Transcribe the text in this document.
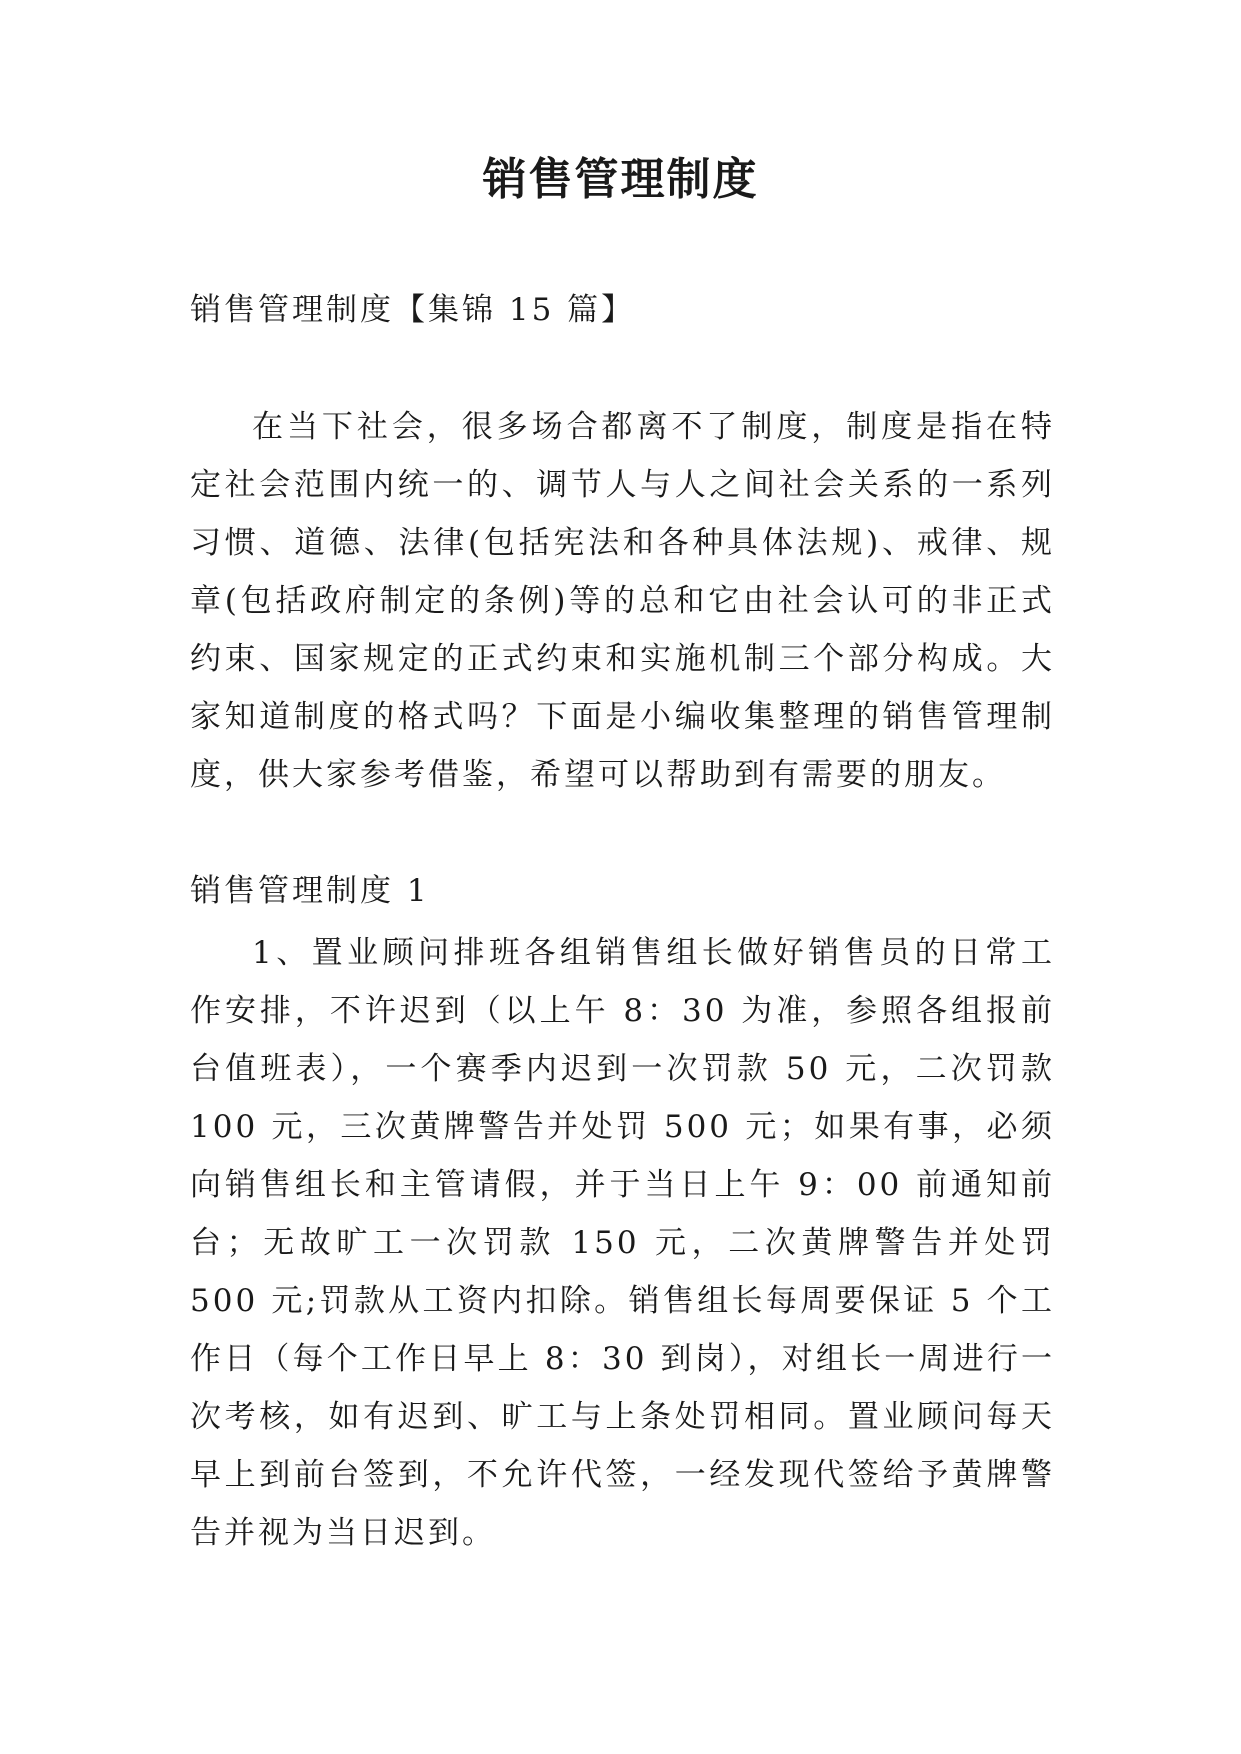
销售管理制度

销售管理制度【集锦 15 篇】

在当下社会，很多场合都离不了制度，制度是指在特定社会范围内统一的、调节人与人之间社会关系的一系列习惯、道德、法律(包括宪法和各种具体法规)、戒律、规章(包括政府制定的条例)等的总和它由社会认可的非正式约束、国家规定的正式约束和实施机制三个部分构成。大家知道制度的格式吗？下面是小编收集整理的销售管理制度，供大家参考借鉴，希望可以帮助到有需要的朋友。

销售管理制度 1

1、置业顾问排班各组销售组长做好销售员的日常工作安排，不许迟到（以上午 8：30 为准，参照各组报前台值班表），一个赛季内迟到一次罚款 50 元，二次罚款 100 元，三次黄牌警告并处罚 500 元；如果有事，必须向销售组长和主管请假，并于当日上午 9：00 前通知前台；无故旷工一次罚款 150 元，二次黄牌警告并处罚 500 元;罚款从工资内扣除。销售组长每周要保证 5 个工作日（每个工作日早上 8：30 到岗），对组长一周进行一次考核，如有迟到、旷工与上条处罚相同。置业顾问每天早上到前台签到，不允许代签，一经发现代签给予黄牌警告并视为当日迟到。
